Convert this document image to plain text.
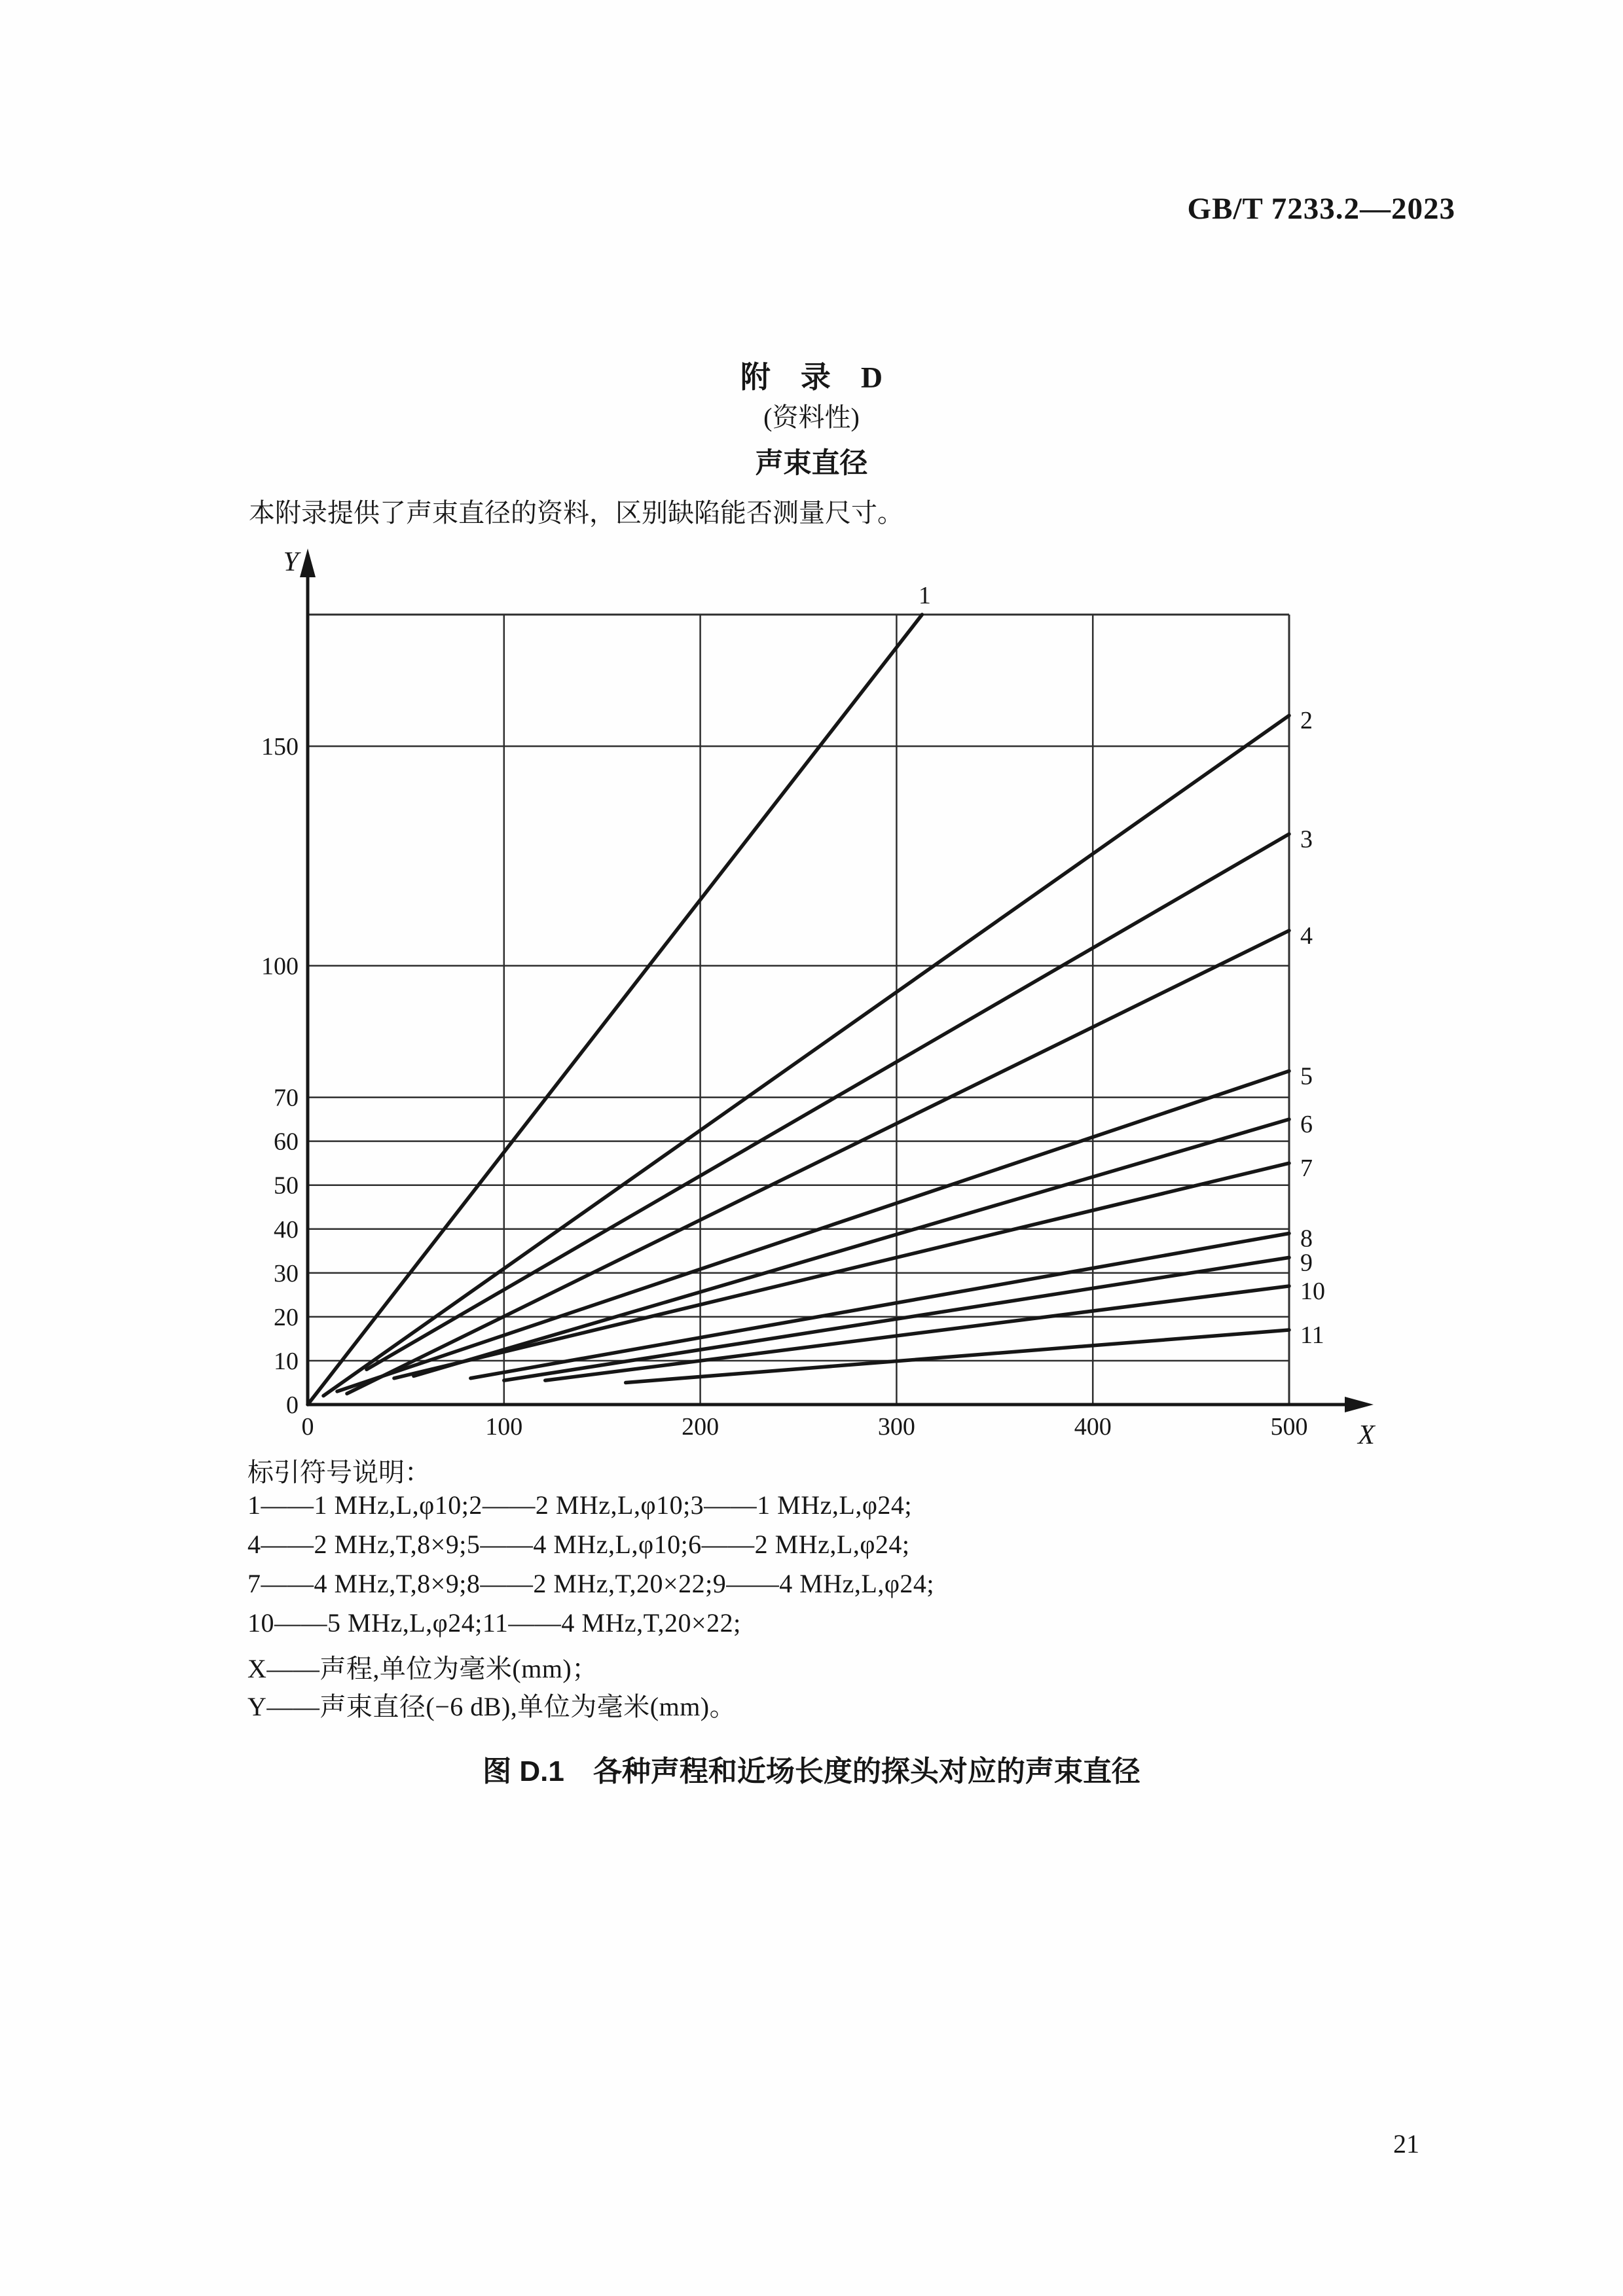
GB/T 7233.2—2023
附　录　D
(资料性)
声束直径
本附录提供了声束直径的资料，区别缺陷能否测量尺寸。
Y
X
0	100	200	300	400	500
0
10
20
30
40
50
60
70
100
150
1
2
3
4
5
6
7
8
9
10
11
标引符号说明：
1——1 MHz,L,φ10;2——2 MHz,L,φ10;3——1 MHz,L,φ24;
4——2 MHz,T,8×9;5——4 MHz,L,φ10;6——2 MHz,L,φ24;
7——4 MHz,T,8×9;8——2 MHz,T,20×22;9——4 MHz,L,φ24;
10——5 MHz,L,φ24;11——4 MHz,T,20×22;
X——声程,单位为毫米(mm)；
Y——声束直径(−6 dB),单位为毫米(mm)。
图 D.1　各种声程和近场长度的探头对应的声束直径
21
